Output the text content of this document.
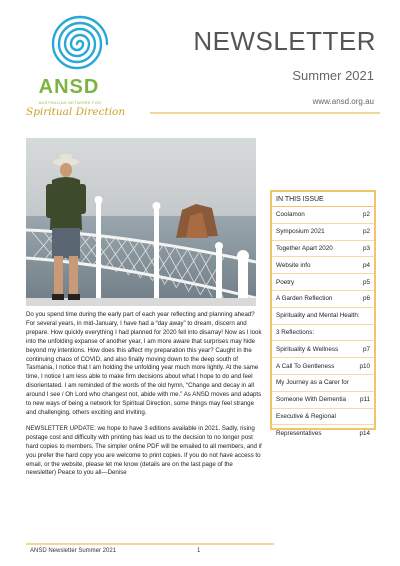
ANSD
AUSTRALIAN NETWORK FOR
Spiritual Direction
NEWSLETTER
Summer 2021
www.ansd.org.au
IN THIS ISSUE
Coolamon	p2
Symposium 2021	p2
Together Apart 2020	p3
Website info	p4
Poetry	p5
A Garden Reflection	p6
Spirituality and Mental Health:
3 Reflections:
Spirituality & Wellness	p7
A Call To Gentleness	p10
My Journey as a Carer for
Someone With Dementia p11
Executive & Regional
Representatives	p14

Do you spend time during the early part of each year reflecting and planning ahead? For several years, in mid-January, I have had a “day away” to dream, discern and prepare. How quickly everything I had planned for 2020 fell into disarray! Now as I look into the unfolding expanse of another year, I am more aware that surprises may hide beyond my intentions. How does this affect my preparation this year? Caught in the continuing chaos of COVID, and also finally moving down to the deep south of Tasmania, I notice that I am holding the unfolding year much more lightly. At the same time, I notice I am less able to make firm decisions about what I hope to do and feel disorientated. I am reminded of the words of the old hymn, “Change and decay in all around I see / Oh Lord who changest not, abide with me.” As ANSD moves and adapts to new ways of being a network for Spiritual Direction, some things may feel strange and challenging, others exciting and inviting.

NEWSLETTER UPDATE: we hope to have 3 editions available in 2021. Sadly, rising postage cost and difficulty with printing has lead us to the decision to no longer post hard copies to members. The simpler online PDF will be emailed to all members, and if you prefer the hard copy you are welcome to print copies. If you do not have access to email, or the website, please let me know (details are on the last page of the newsletter) Peace to you all—Denise

ANSD Newsletter Summer 2021	1
